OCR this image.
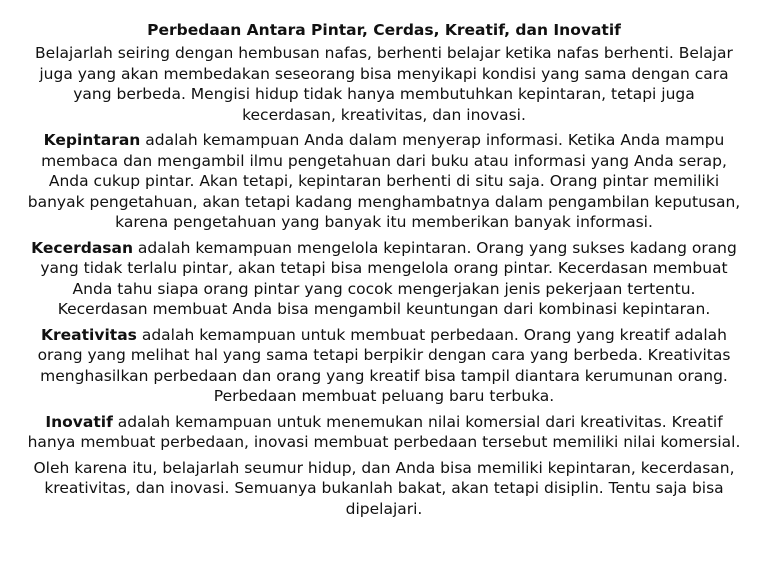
Perbedaan Antara Pintar, Cerdas, Kreatif, dan Inovatif
Belajarlah seiring dengan hembusan nafas, berhenti belajar ketika nafas berhenti. Belajar juga yang akan membedakan seseorang bisa menyikapi kondisi yang sama dengan cara yang berbeda. Mengisi hidup tidak hanya membutuhkan kepintaran, tetapi juga kecerdasan, kreativitas, dan inovasi.
Kepintaran adalah kemampuan Anda dalam menyerap informasi. Ketika Anda mampu membaca dan mengambil ilmu pengetahuan dari buku atau informasi yang Anda serap, Anda cukup pintar. Akan tetapi, kepintaran berhenti di situ saja. Orang pintar memiliki banyak pengetahuan, akan tetapi kadang menghambatnya dalam pengambilan keputusan, karena pengetahuan yang banyak itu memberikan banyak informasi.
Kecerdasan adalah kemampuan mengelola kepintaran. Orang yang sukses kadang orang yang tidak terlalu pintar, akan tetapi bisa mengelola orang pintar. Kecerdasan membuat Anda tahu siapa orang pintar yang cocok mengerjakan jenis pekerjaan tertentu. Kecerdasan membuat Anda bisa mengambil keuntungan dari kombinasi kepintaran.
Kreativitas adalah kemampuan untuk membuat perbedaan. Orang yang kreatif adalah orang yang melihat hal yang sama tetapi berpikir dengan cara yang berbeda. Kreativitas menghasilkan perbedaan dan orang yang kreatif bisa tampil diantara kerumunan orang. Perbedaan membuat peluang baru terbuka.
Inovatif adalah kemampuan untuk menemukan nilai komersial dari kreativitas. Kreatif hanya membuat perbedaan, inovasi membuat perbedaan tersebut memiliki nilai komersial.
Oleh karena itu, belajarlah seumur hidup, dan Anda bisa memiliki kepintaran, kecerdasan, kreativitas, dan inovasi. Semuanya bukanlah bakat, akan tetapi disiplin. Tentu saja bisa dipelajari.
